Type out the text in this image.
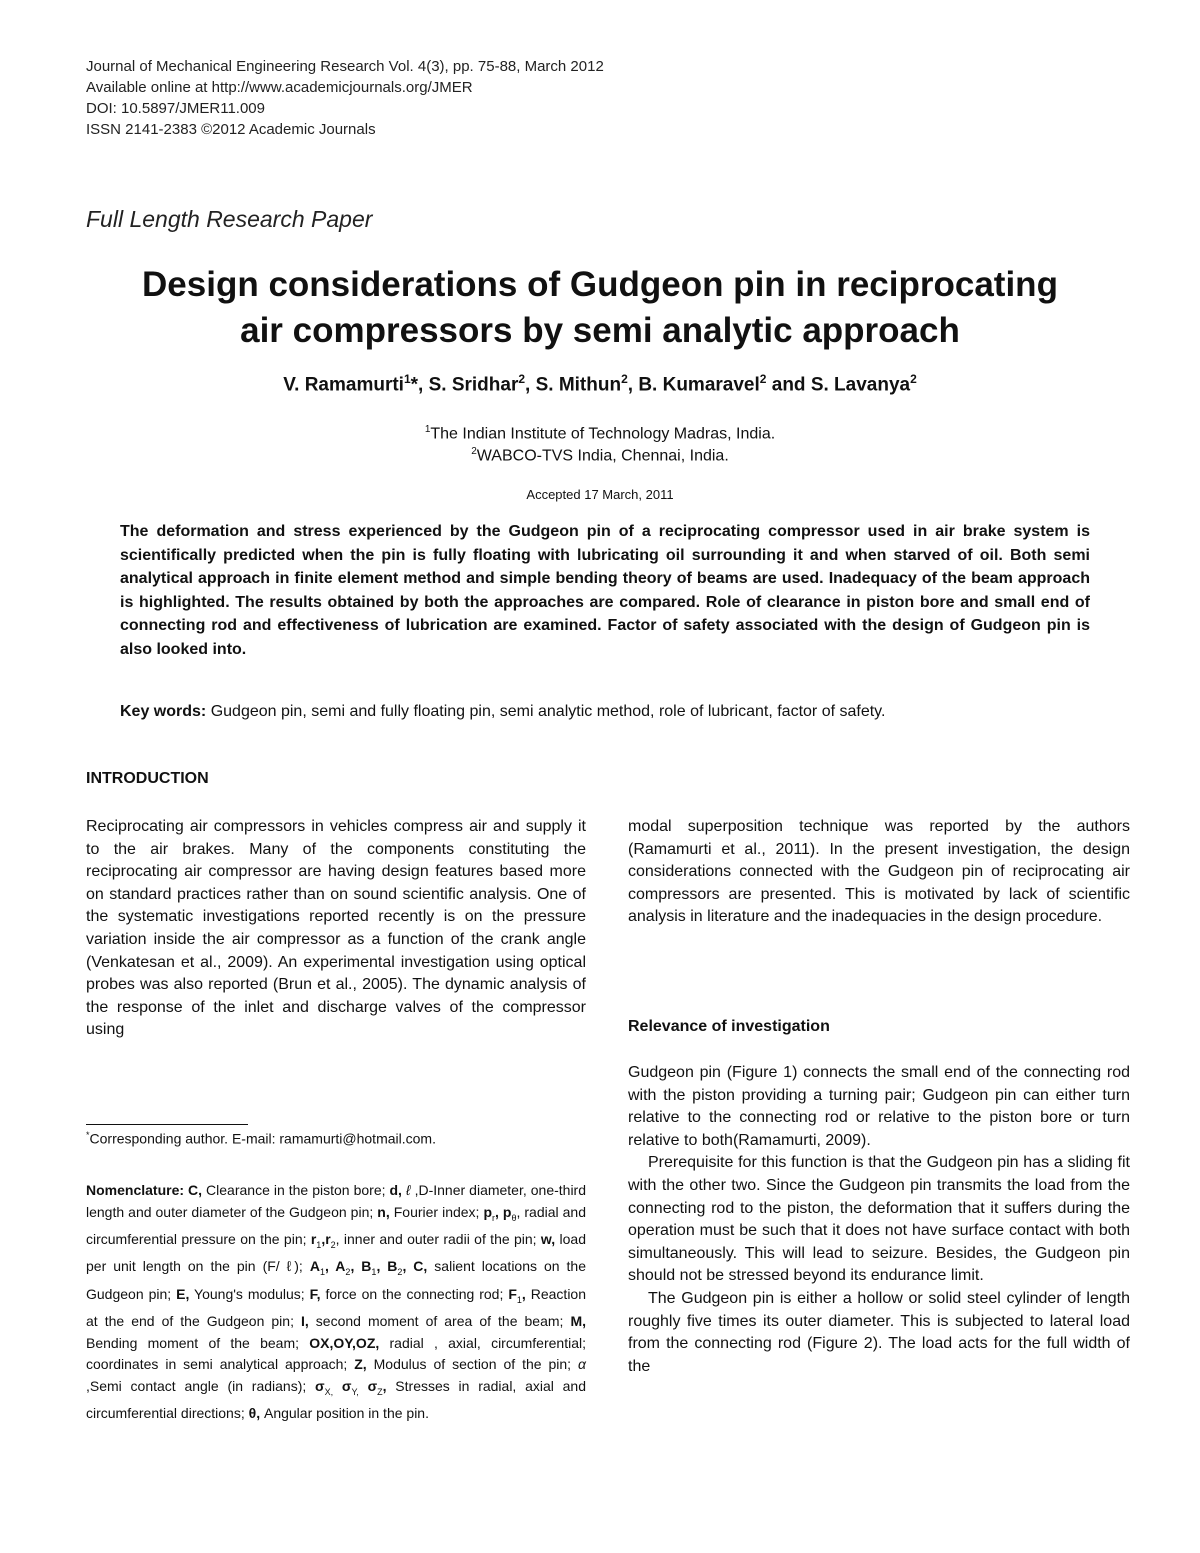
Journal of Mechanical Engineering Research Vol. 4(3), pp. 75-88, March 2012
Available online at http://www.academicjournals.org/JMER
DOI: 10.5897/JMER11.009
ISSN 2141-2383 ©2012 Academic Journals
Full Length Research Paper
Design considerations of Gudgeon pin in reciprocating
air compressors by semi analytic approach
V. Ramamurti$^1$*, S. Sridhar$^2$, S. Mithun$^2$, B. Kumaravel$^2$ and S. Lavanya$^2$
$^1$The Indian Institute of Technology Madras, India.
$^2$WABCO-TVS India, Chennai, India.
Accepted 17 March, 2011
The deformation and stress experienced by the Gudgeon pin of a reciprocating compressor used in air brake system is scientifically predicted when the pin is fully floating with lubricating oil surrounding it and when starved of oil. Both semi analytical approach in finite element method and simple bending theory of beams are used. Inadequacy of the beam approach is highlighted. The results obtained by both the approaches are compared. Role of clearance in piston bore and small end of connecting rod and effectiveness of lubrication are examined. Factor of safety associated with the design of Gudgeon pin is also looked into.
Key words: Gudgeon pin, semi and fully floating pin, semi analytic method, role of lubricant, factor of safety.
INTRODUCTION

Reciprocating air compressors in vehicles compress air and supply it to the air brakes. Many of the components constituting the reciprocating air compressor are having design features based more on standard practices rather than on sound scientific analysis. One of the systematic investigations reported recently is on the pressure variation inside the air compressor as a function of the crank angle (Venkatesan et al., 2009). An experimental investigation using optical probes was also reported (Brun et al., 2005). The dynamic analysis of the response of the inlet and discharge valves of the compressor using

modal superposition technique was reported by the authors (Ramamurti et al., 2011). In the present investigation, the design considerations connected with the Gudgeon pin of reciprocating air compressors are presented. This is motivated by lack of scientific analysis in literature and the inadequacies in the design procedure.

Relevance of investigation

Gudgeon pin (Figure 1) connects the small end of the connecting rod with the piston providing a turning pair; Gudgeon pin can either turn relative to the connecting rod or relative to the piston bore or turn relative to both(Ramamurti, 2009).

Prerequisite for this function is that the Gudgeon pin has a sliding fit with the other two. Since the Gudgeon pin transmits the load from the connecting rod to the piston, the deformation that it suffers during the operation must be such that it does not have surface contact with both simultaneously. This will lead to seizure. Besides, the Gudgeon pin should not be stressed beyond its endurance limit.

The Gudgeon pin is either a hollow or solid steel cylinder of length roughly five times its outer diameter. This is subjected to lateral load from the connecting rod (Figure 2). The load acts for the full width of the

*Corresponding author. E-mail: ramamurti@hotmail.com.

Nomenclature: C, Clearance in the piston bore; d, ℓ ,D-Inner diameter, one-third length and outer diameter of the Gudgeon pin; n, Fourier index; $p_r$, $p_\theta$, radial and circumferential pressure on the pin; $r_1,r_2$, inner and outer radii of the pin; w, load per unit length on the pin (F/ ℓ); $A_1$, $A_2$, $B_1$, $B_2$, C, salient locations on the Gudgeon pin; E, Young's modulus; F, force on the connecting rod; $F_1$, Reaction at the end of the Gudgeon pin; I, second moment of area of the beam; M, Bending moment of the beam; OX,OY,OZ, radial , axial, circumferential; coordinates in semi analytical approach; Z, Modulus of section of the pin; α ,Semi contact angle (in radians); $\sigma_{X,}$ $\sigma_{Y,}$ $\sigma_Z$, Stresses in radial, axial and circumferential directions; θ, Angular position in the pin.
